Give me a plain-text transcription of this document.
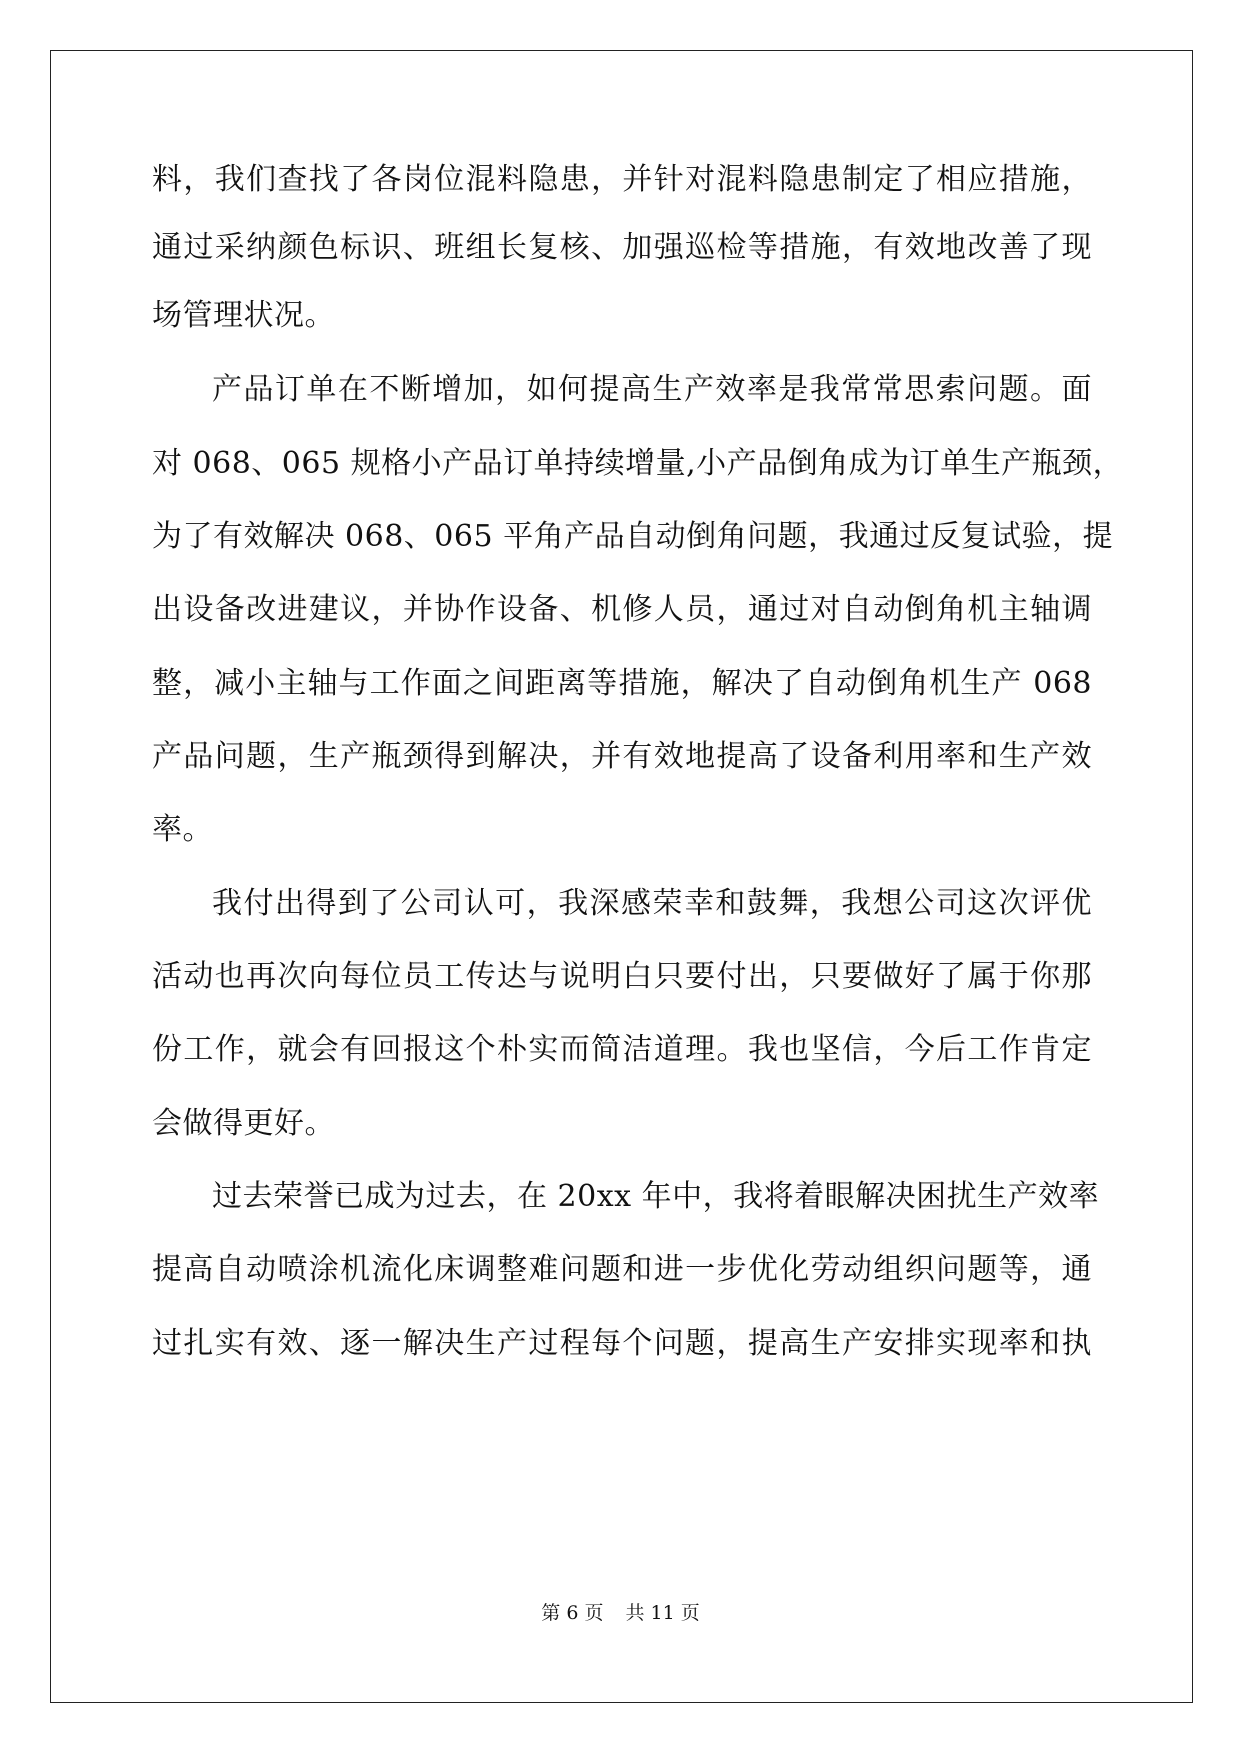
料，我们查找了各岗位混料隐患，并针对混料隐患制定了相应措施，
通过采纳颜色标识、班组长复核、加强巡检等措施，有效地改善了现
场管理状况。
产品订单在不断增加，如何提高生产效率是我常常思索问题。面
对 068、065 规格小产品订单持续增量,小产品倒角成为订单生产瓶颈，
为了有效解决 068、065 平角产品自动倒角问题，我通过反复试验，提
出设备改进建议，并协作设备、机修人员，通过对自动倒角机主轴调
整，减小主轴与工作面之间距离等措施，解决了自动倒角机生产 068
产品问题，生产瓶颈得到解决，并有效地提高了设备利用率和生产效
率。
我付出得到了公司认可，我深感荣幸和鼓舞，我想公司这次评优
活动也再次向每位员工传达与说明白只要付出，只要做好了属于你那
份工作，就会有回报这个朴实而简洁道理。我也坚信，今后工作肯定
会做得更好。
过去荣誉已成为过去，在 20xx 年中，我将着眼解决困扰生产效率
提高自动喷涂机流化床调整难问题和进一步优化劳动组织问题等，通
过扎实有效、逐一解决生产过程每个问题，提高生产安排实现率和执
第 6 页 共 11 页
